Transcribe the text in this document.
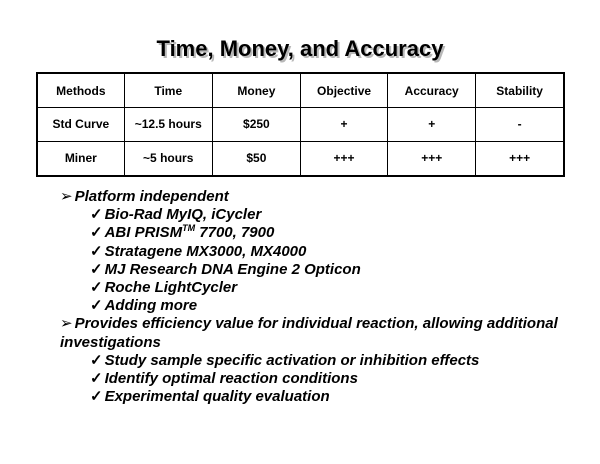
Time, Money, and Accuracy
Methods	Time	Money	Objective	Accuracy	Stability
Std Curve	~12.5 hours	$250	+	+	-
Miner	~5 hours	$50	+++	+++	+++
➢ Platform independent
✓ Bio-Rad MyIQ, iCycler
✓ ABI PRISM™ 7700, 7900
✓ Stratagene MX3000, MX4000
✓ MJ Research DNA Engine 2 Opticon
✓ Roche LightCycler
✓ Adding more
➢ Provides efficiency value for individual reaction, allowing additional investigations
✓ Study sample specific activation or inhibition effects
✓ Identify optimal reaction conditions
✓ Experimental quality evaluation
